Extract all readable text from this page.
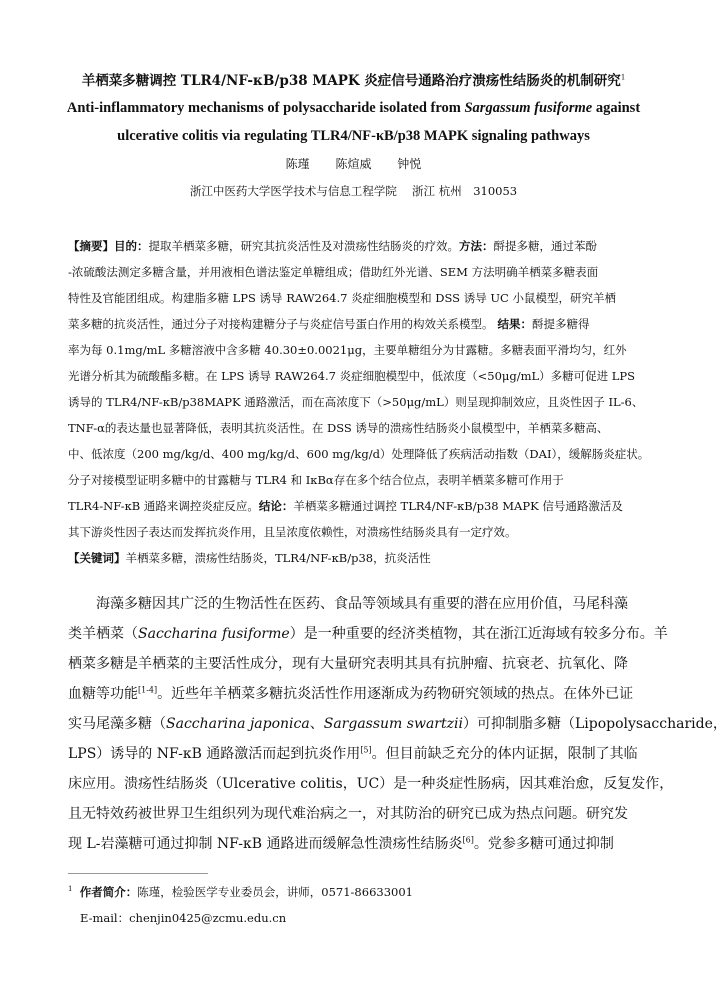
羊栖菜多糖调控 TLR4/NF-κB/p38 MAPK 炎症信号通路治疗溃疡性结肠炎的机制研究$^1$
Anti-inflammatory mechanisms of polysaccharide isolated from Sargassum fusiforme against
ulcerative colitis via regulating TLR4/NF-κB/p38 MAPK signaling pathways
陈瑾 陈煊威 钟悦
浙江中医药大学医学技术与信息工程学院　 浙江 杭州　310053
【摘要】目的：提取羊栖菜多糖，研究其抗炎活性及对溃疡性结肠炎的疗效。方法：酹提多糖，通过苯酚
-浓硫酸法测定多糖含量，并用液相色谱法鉴定单糖组成；借助红外光谱、SEM 方法明确羊栖菜多糖表面
特性及官能团组成。构建脂多糖 LPS 诱导 RAW264.7 炎症细胞模型和 DSS 诱导 UC 小鼠模型，研究羊栖
菜多糖的抗炎活性，通过分子对接构建糖分子与炎症信号蛋白作用的构效关系模型。 结果：酹提多糖得
率为每 0.1mg/mL 多糖溶液中含多糖 40.30±0.0021μg，主要单糖组分为甘露糖。多糖表面平滑均匀，红外
光谱分析其为硫酸酯多糖。在 LPS 诱导 RAW264.7 炎症细胞模型中，低浓度（<50μg/mL）多糖可促进 LPS
诱导的 TLR4/NF-κB/p38MAPK 通路激活，而在高浓度下（>50μg/mL）则呈现抑制效应，且炎性因子 IL-6、
TNF-α的表达量也显著降低，表明其抗炎活性。在 DSS 诱导的溃疡性结肠炎小鼠模型中，羊栖菜多糖高、
中、低浓度（200 mg/kg/d、400 mg/kg/d、600 mg/kg/d）处理降低了疾病活动指数（DAI），缓解肠炎症状。
分子对接模型证明多糖中的甘露糖与 TLR4 和 IκBα存在多个结合位点，表明羊栖菜多糖可作用于
TLR4-NF-κB 通路来调控炎症反应。结论：羊栖菜多糖通过调控 TLR4/NF-κB/p38 MAPK 信号通路激活及
其下游炎性因子表达而发挥抗炎作用，且呈浓度依赖性，对溃疡性结肠炎具有一定疗效。
【关键词】羊栖菜多糖，溃疡性结肠炎，TLR4/NF-κB/p38，抗炎活性
　　海藻多糖因其广泛的生物活性在医药、食品等领域具有重要的潜在应用价值，马尾科藻
类羊栖菜（Saccharina fusiforme）是一种重要的经济类植物，其在浙江近海域有较多分布。羊
栖菜多糖是羊栖菜的主要活性成分，现有大量研究表明其具有抗肿瘤、抗衰老、抗氧化、降
血糖等功能[1-4]。近些年羊栖菜多糖抗炎活性作用逐渐成为药物研究领域的热点。在体外已证
实马尾藻多糖（Saccharina japonica、Sargassum swartzii）可抑制脂多糖（Lipopolysaccharide，
LPS）诱导的 NF-κB 通路激活而起到抗炎作用[5]。但目前缺乏充分的体内证据，限制了其临
床应用。溃疡性结肠炎（Ulcerative colitis，UC）是一种炎症性肠病，因其难治愈，反复发作，
且无特效药被世界卫生组织列为现代难治病之一，对其防治的研究已成为热点问题。研究发
现 L-岩藻糖可通过抑制 NF-κB 通路进而缓解急性溃疡性结肠炎[6]。党参多糖可通过抑制
$^1$ 作者简介：陈瑾，检验医学专业委员会，讲师，0571-86633001
E-mail：chenjin0425@zcmu.edu.cn
